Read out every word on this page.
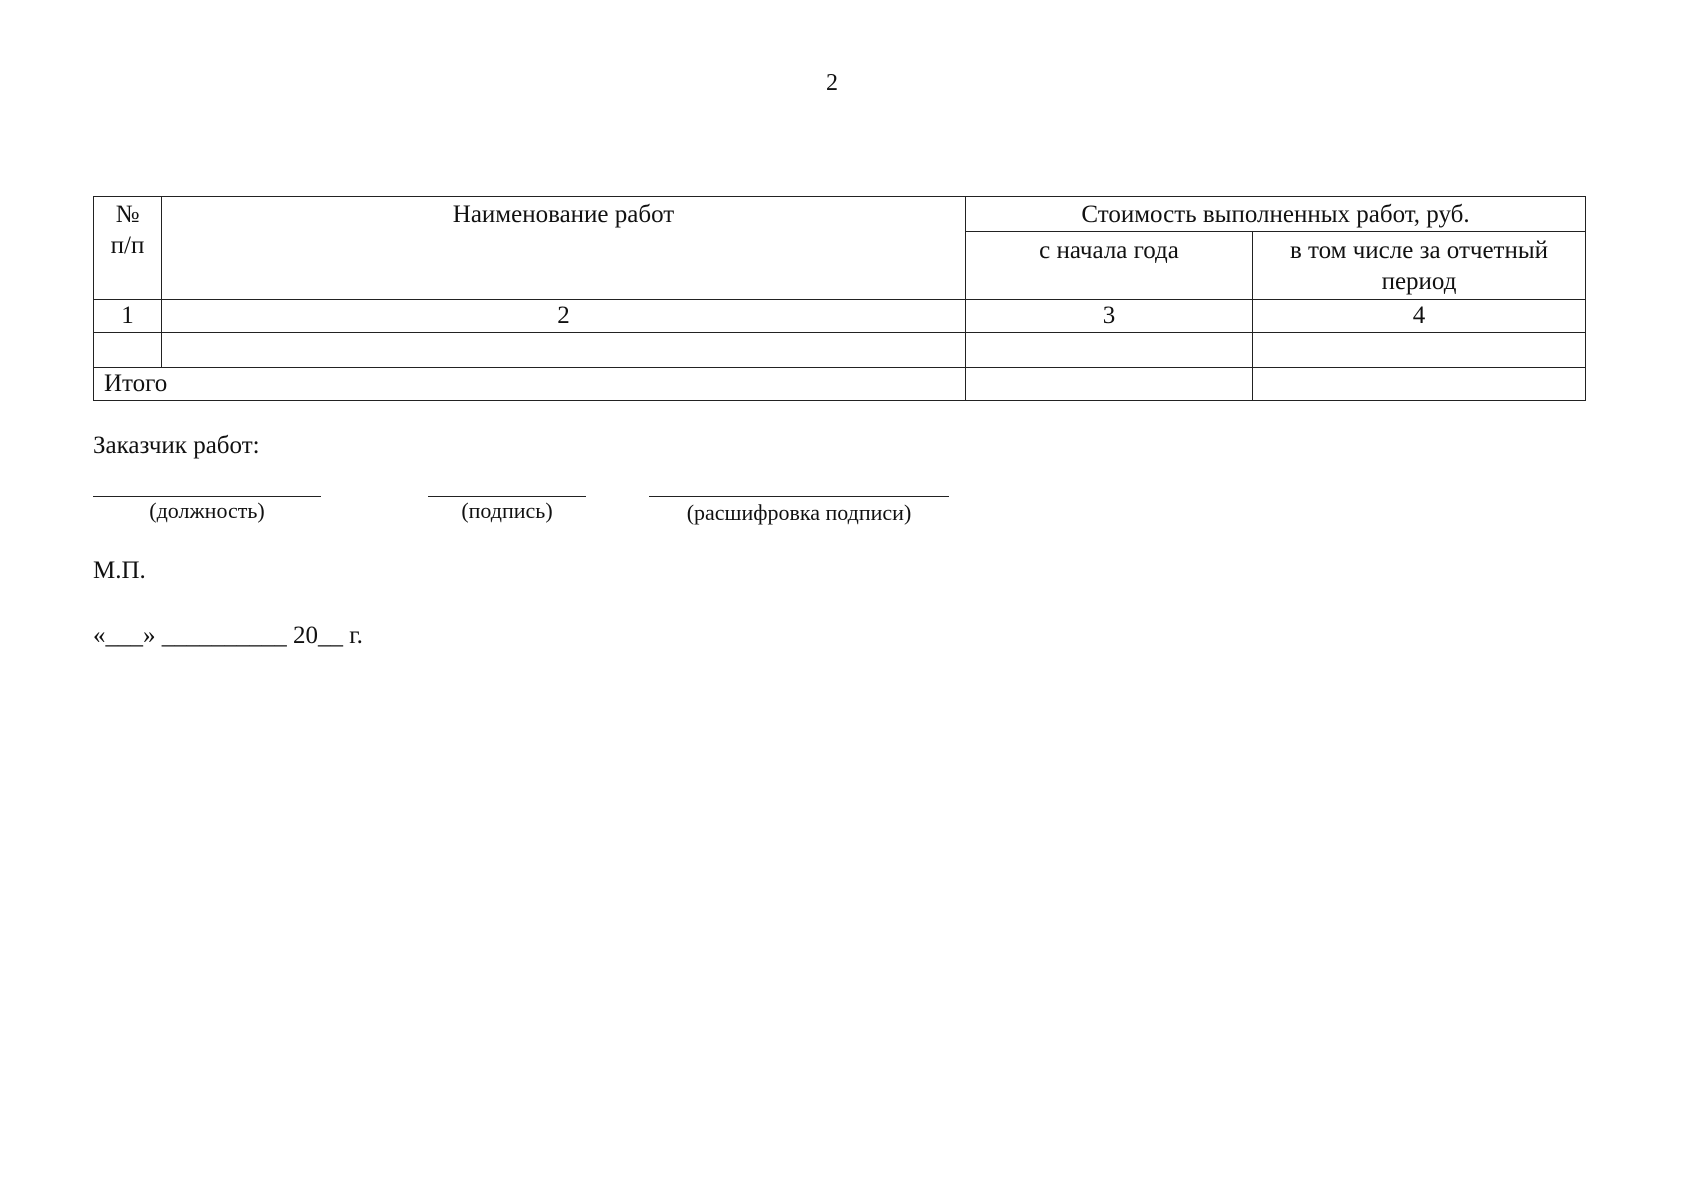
2
№
п/п	Наименование работ	Стоимость выполненных работ, руб.	
		с начала года	в том числе за отчетный период
1	2	3	4

Итого			
Заказчик работ:
(должность)	(подпись)	(расшифровка подписи)
М.П.
«___» __________ 20__ г.
